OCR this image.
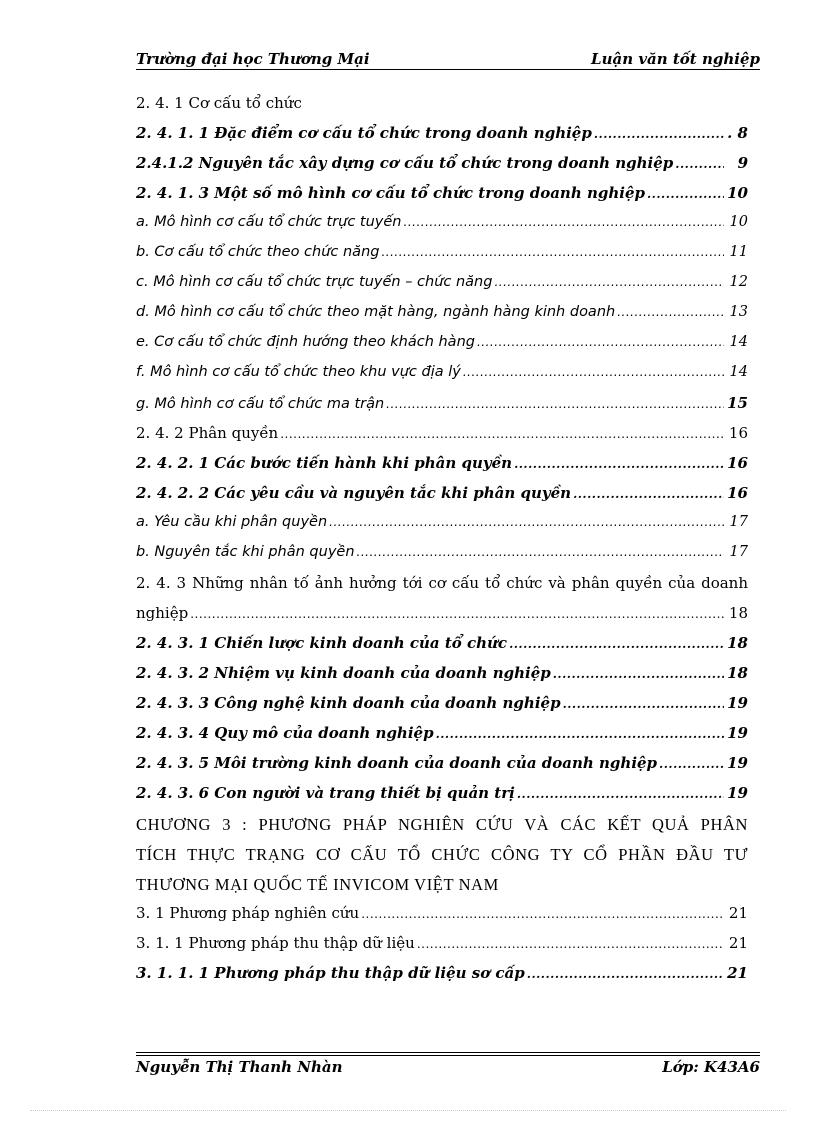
Trường đại học Thương Mại	Luận văn tốt nghiệp
2. 4. 1 Cơ cấu tổ chức
2. 4. 1. 1 Đặc điểm cơ cấu tổ chức trong doanh nghiệp .....	. 8
2.4.1.2 Nguyên tắc xây dựng cơ cấu tổ chức trong doanh nghiệp .....	9
2. 4. 1. 3 Một số mô hình cơ cấu tổ chức trong doanh nghiệp .....	10
a. Mô hình cơ cấu tổ chức trực tuyến .....	10
b. Cơ cấu tổ chức theo chức năng .....	11
c. Mô hình cơ cấu tổ chức trực tuyến – chức năng .....	12
d. Mô hình cơ cấu tổ chức theo mặt hàng, ngành hàng kinh doanh .....	13
e. Cơ cấu tổ chức định hướng theo khách hàng .....	14
f. Mô hình cơ cấu tổ chức theo khu vực địa lý .....	14
g. Mô hình cơ cấu tổ chức ma trận .....	15
2. 4. 2 Phân quyền .....	16
2. 4. 2. 1 Các bước tiến hành khi phân quyền .....	16
2. 4. 2. 2 Các yêu cầu và nguyên tắc khi phân quyền .....	16
a. Yêu cầu khi phân quyền .....	17
b. Nguyên tắc khi phân quyền .....	17
2. 4. 3 Những nhân tố ảnh hưởng tới cơ cấu tổ chức và phân quyền của doanh
nghiệp .....	18
2. 4. 3. 1 Chiến lược kinh doanh của tổ chức .....	18
2. 4. 3. 2 Nhiệm vụ kinh doanh của doanh nghiệp .....	18
2. 4. 3. 3 Công nghệ kinh doanh của doanh nghiệp .....	19
2. 4. 3. 4 Quy mô của doanh nghiệp .....	19
2. 4. 3. 5 Môi trường kinh doanh của doanh của doanh nghiệp .....	19
2. 4. 3. 6 Con người và trang thiết bị quản trị .....	19
CHƯƠNG 3 : PHƯƠNG PHÁP NGHIÊN CỨU VÀ CÁC KẾT QUẢ PHÂN
TÍCH THỰC TRẠNG CƠ CẤU TỔ CHỨC CÔNG TY CỔ PHẦN ĐẦU TƯ
THƯƠNG MẠI QUỐC TẾ INVICOM VIỆT NAM
3. 1 Phương pháp nghiên cứu .....	21
3. 1. 1 Phương pháp thu thập dữ liệu .....	21
3. 1. 1. 1 Phương pháp thu thập dữ liệu sơ cấp .....	21
Nguyễn Thị Thanh Nhàn	Lớp: K43A6
